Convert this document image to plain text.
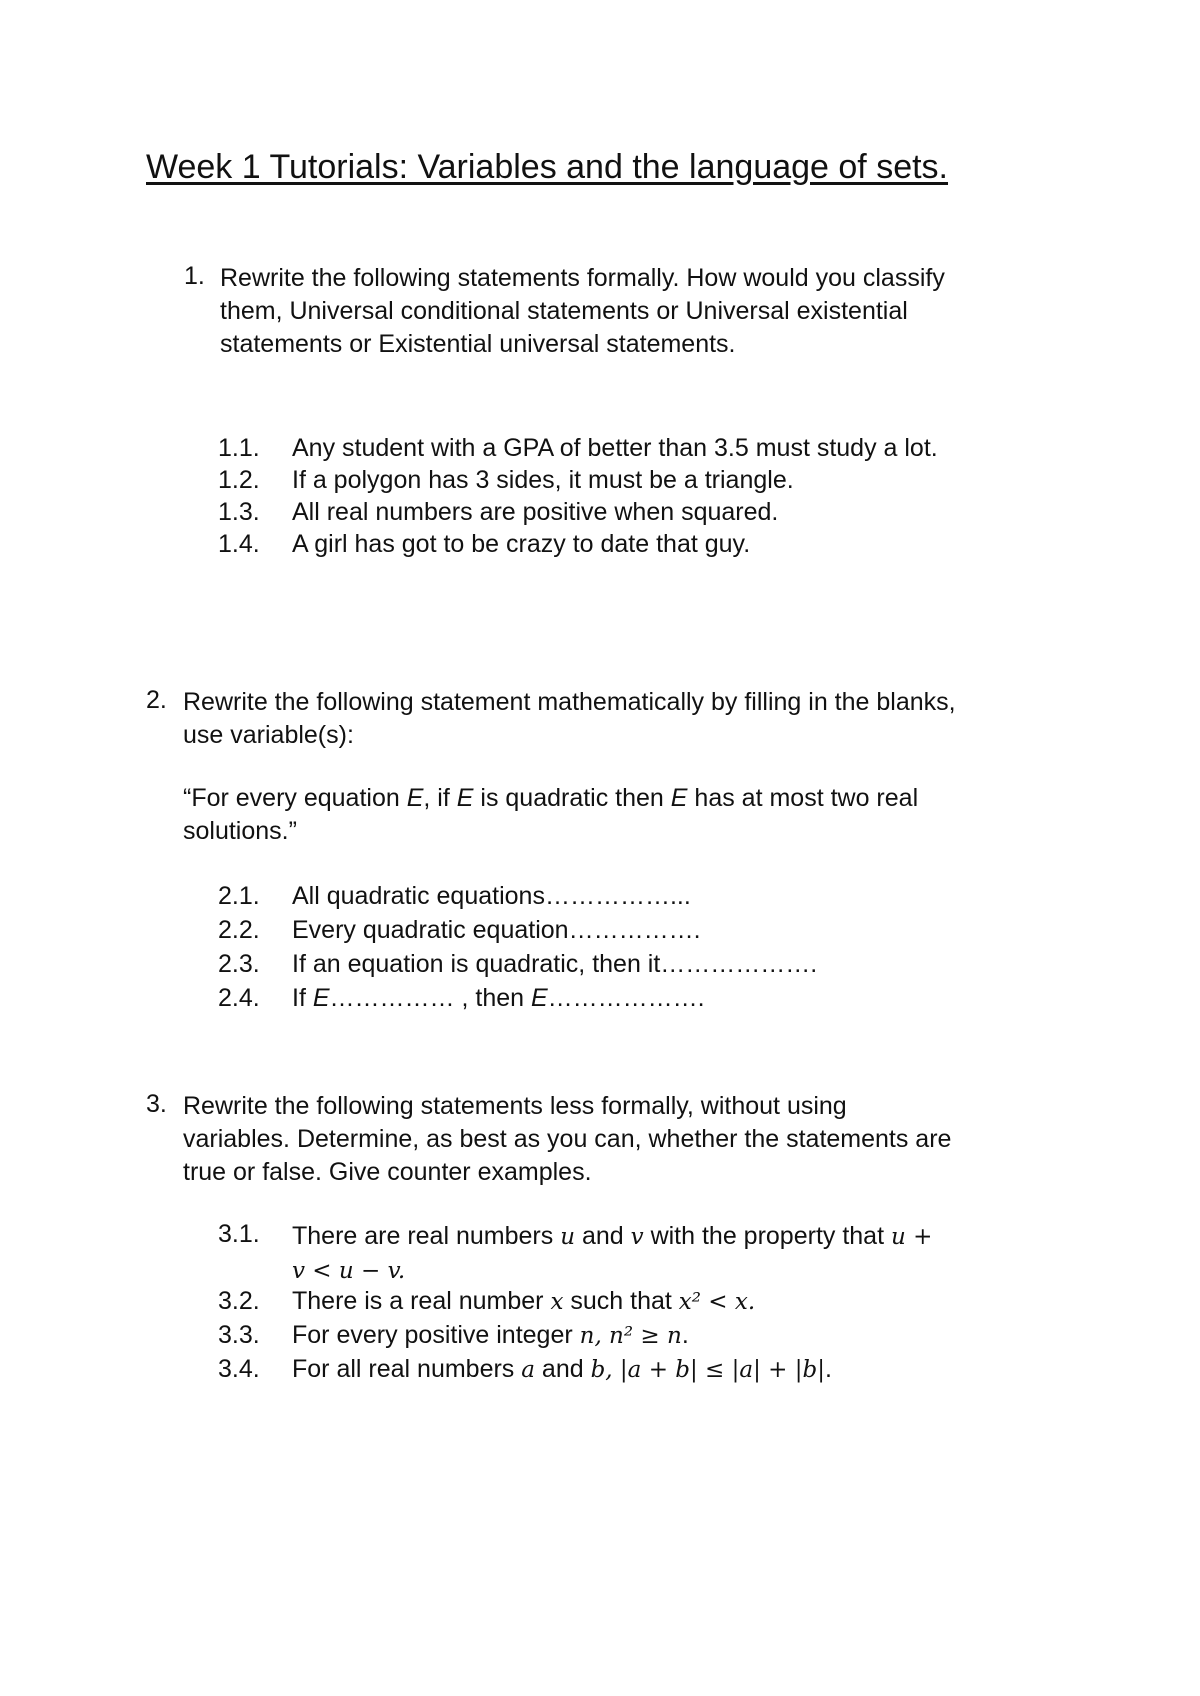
Week 1 Tutorials: Variables and the language of sets.
1. Rewrite the following statements formally. How would you classify
them, Universal conditional statements or Universal existential
statements or Existential universal statements.
1.1. Any student with a GPA of better than 3.5 must study a lot.
1.2. If a polygon has 3 sides, it must be a triangle.
1.3. All real numbers are positive when squared.
1.4. A girl has got to be crazy to date that guy.
2. Rewrite the following statement mathematically by filling in the blanks,
use variable(s):
“For every equation E, if E is quadratic then E has at most two real
solutions.”
2.1. All quadratic equations……………...
2.2. Every quadratic equation…………….
2.3. If an equation is quadratic, then it……………….
2.4. If E…………… , then E……………….
3. Rewrite the following statements less formally, without using
variables. Determine, as best as you can, whether the statements are
true or false. Give counter examples.
3.1. There are real numbers u and v with the property that u +
v < u − v.
3.2. There is a real number x such that x² < x.
3.3. For every positive integer n, n² ≥ n.
3.4. For all real numbers a and b, |a + b| ≤ |a| + |b|.
